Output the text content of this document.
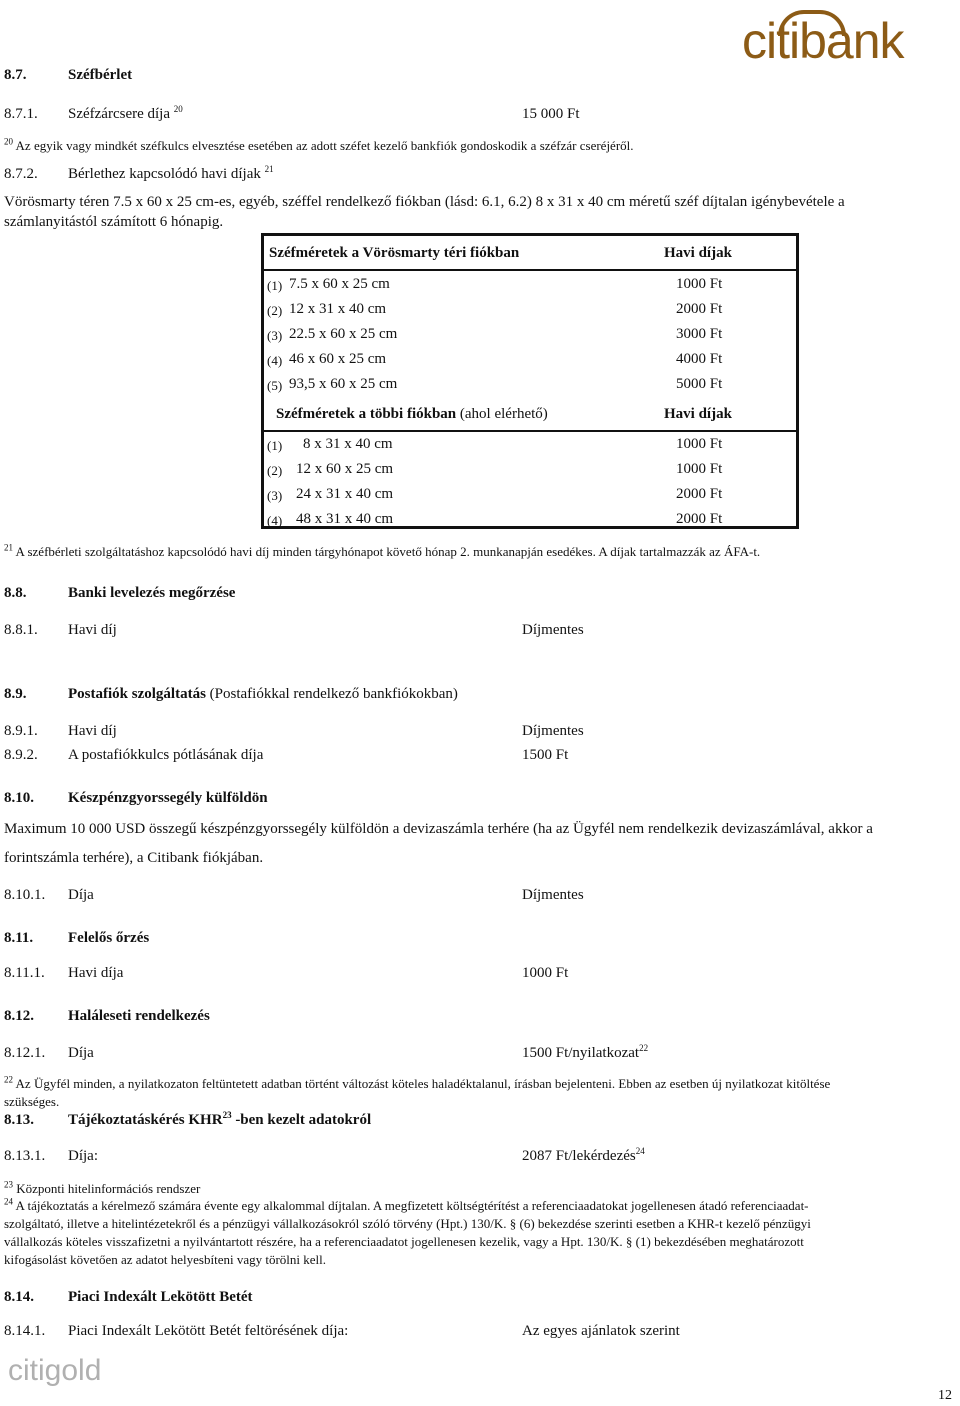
citibank
8.7.	Széfbérlet
8.7.1. Széfzárcsere díja $^{20}$	15 000 Ft
$^{20}$ Az egyik vagy mindkét széfkulcs elvesztése esetében az adott széfet kezelő bankfiók gondoskodik a széfzár cseréjéről.
8.7.2. Bérlethez kapcsolódó havi díjak $^{21}$
Vörösmarty téren 7.5 x 60 x 25 cm-es, egyéb, széffel rendelkező fiókban (lásd: 6.1, 6.2) 8 x 31 x 40 cm méretű széf díjtalan igénybevétele a
számlanyitástól számított 6 hónapig.
Széfméretek a Vörösmarty téri fiókban	Havi díjak
(1) 7.5 x 60 x 25 cm	1000 Ft
(2) 12 x 31 x 40 cm	2000 Ft
(3) 22.5 x 60 x 25 cm	3000 Ft
(4) 46 x 60 x 25 cm	4000 Ft
(5) 93,5 x 60 x 25 cm	5000 Ft
Széfméretek a többi fiókban (ahol elérhető)	Havi díjak
(1) 8 x 31 x 40 cm	1000 Ft
(2) 12 x 60 x 25 cm	1000 Ft
(3) 24 x 31 x 40 cm	2000 Ft
(4) 48 x 31 x 40 cm	2000 Ft
$^{21}$ A széfbérleti szolgáltatáshoz kapcsolódó havi díj minden tárgyhónapot követő hónap 2. munkanapján esedékes. A díjak tartalmazzák az ÁFA-t.
8.8.	Banki levelezés megőrzése
8.8.1. Havi díj	Díjmentes
8.9.	Postafiók szolgáltatás (Postafiókkal rendelkező bankfiókokban)
8.9.1. Havi díj	Díjmentes
8.9.2. A postafiókkulcs pótlásának díja	1500 Ft
8.10. Készpénzgyorssegély külföldön
Maximum 10 000 USD összegű készpénzgyorssegély külföldön a devizaszámla terhére (ha az Ügyfél nem rendelkezik devizaszámlával, akkor a
forintszámla terhére), a Citibank fiókjában.
8.10.1. Díja	Díjmentes
8.11. Felelős őrzés
8.11.1. Havi díja	1000 Ft
8.12. Haláleseti rendelkezés
8.12.1. Díja	1500 Ft/nyilatkozat$^{22}$
$^{22}$ Az Ügyfél minden, a nyilatkozaton feltüntetett adatban történt változást köteles haladéktalanul, írásban bejelenteni. Ebben az esetben új nyilatkozat kitöltése
szükséges.
8.13. Tájékoztatáskérés KHR$^{23}$ -ben kezelt adatokról
8.13.1. Díja:	2087 Ft/lekérdezés$^{24}$
$^{23}$ Központi hitelinformációs rendszer
$^{24}$ A tájékoztatás a kérelmező számára évente egy alkalommal díjtalan. A megfizetett költségtérítést a referenciaadatokat jogellenesen átadó referenciaadat-
szolgáltató, illetve a hitelintézetekről és a pénzügyi vállalkozásokról szóló törvény (Hpt.) 130/K. § (6) bekezdése szerinti esetben a KHR-t kezelő pénzügyi
vállalkozás köteles visszafizetni a nyilvántartott részére, ha a referenciaadatot jogellenesen kezelik, vagy a Hpt. 130/K. § (1) bekezdésében meghatározott
kifogásolást követően az adatot helyesbíteni vagy törölni kell.
8.14. Piaci Indexált Lekötött Betét
8.14.1. Piaci Indexált Lekötött Betét feltörésének díja:	Az egyes ajánlatok szerint
citigold
12
